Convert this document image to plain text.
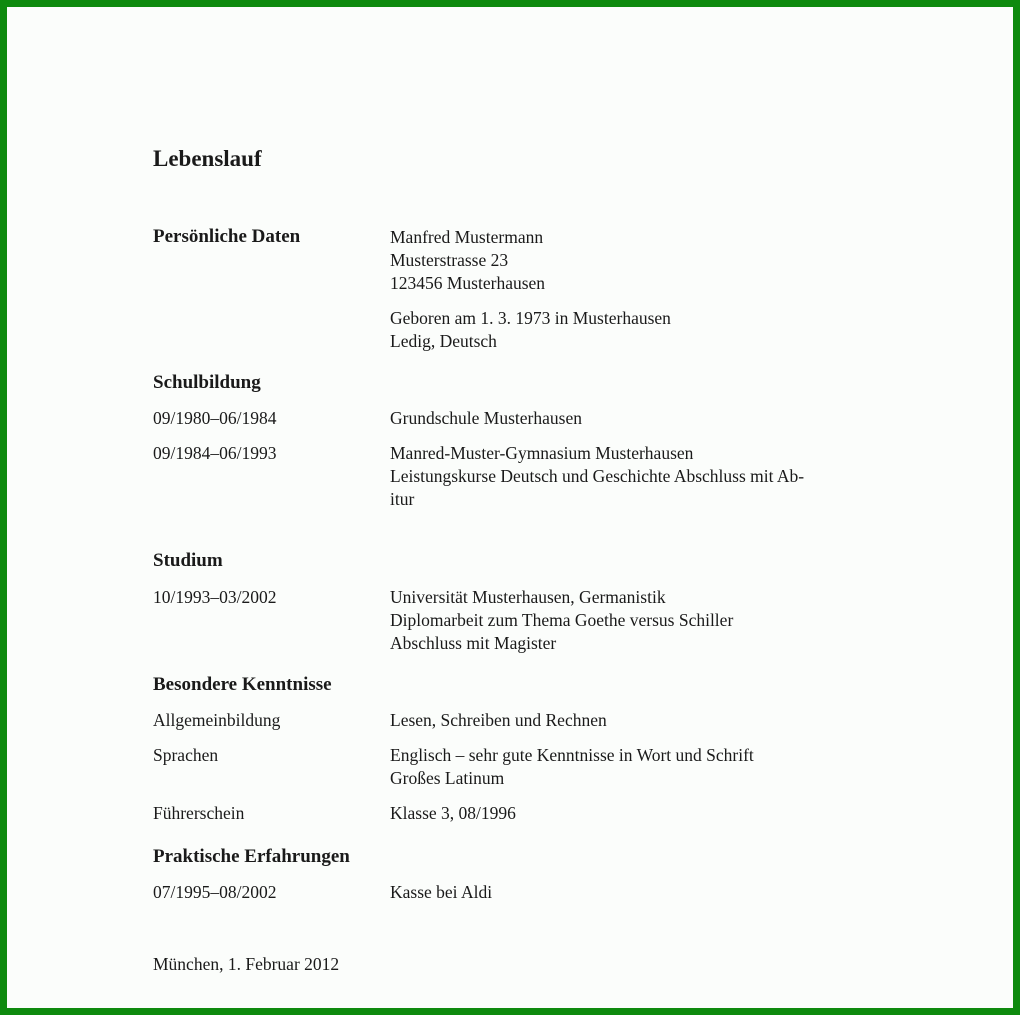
Lebenslauf
Persönliche Daten	Manfred Mustermann
Musterstrasse 23
123456 Musterhausen
Geboren am 1. 3. 1973 in Musterhausen
Ledig, Deutsch
Schulbildung
09/1980–06/1984	Grundschule Musterhausen
09/1984–06/1993	Manred-Muster-Gymnasium Musterhausen
Leistungskurse Deutsch und Geschichte Abschluss mit Ab-
itur
Studium
10/1993–03/2002	Universität Musterhausen, Germanistik
Diplomarbeit zum Thema Goethe versus Schiller
Abschluss mit Magister
Besondere Kenntnisse
Allgemeinbildung	Lesen, Schreiben und Rechnen
Sprachen	Englisch – sehr gute Kenntnisse in Wort und Schrift
Großes Latinum
Führerschein	Klasse 3, 08/1996
Praktische Erfahrungen
07/1995–08/2002	Kasse bei Aldi
München, 1. Februar 2012
